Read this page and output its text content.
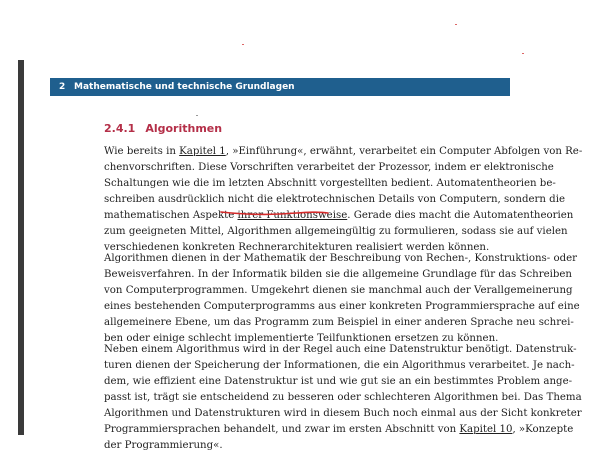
2 Mathematische und technische Grundlagen
2.4.1 Algorithmen
Wie bereits in Kapitel 1, »Einführung«, erwähnt, verarbeitet ein Computer Abfolgen von Re-
chenvorschriften. Diese Vorschriften verarbeitet der Prozessor, indem er elektronische
Schaltungen wie die im letzten Abschnitt vorgestellten bedient. Automatentheorien be-
schreiben ausdrücklich nicht die elektrotechnischen Details von Computern, sondern die
mathematischen Aspekte ihrer Funktionsweise. Gerade dies macht die Automatentheorien
zum geeigneten Mittel, Algorithmen allgemeingültig zu formulieren, sodass sie auf vielen
verschiedenen konkreten Rechnerarchitekturen realisiert werden können.
Algorithmen dienen in der Mathematik der Beschreibung von Rechen-, Konstruktions- oder
Beweisverfahren. In der Informatik bilden sie die allgemeine Grundlage für das Schreiben
von Computerprogrammen. Umgekehrt dienen sie manchmal auch der Verallgemeinerung
eines bestehenden Computerprogramms aus einer konkreten Programmiersprache auf eine
allgemeinere Ebene, um das Programm zum Beispiel in einer anderen Sprache neu schrei-
ben oder einige schlecht implementierte Teilfunktionen ersetzen zu können.
Neben einem Algorithmus wird in der Regel auch eine Datenstruktur benötigt. Datenstruk-
turen dienen der Speicherung der Informationen, die ein Algorithmus verarbeitet. Je nach-
dem, wie effizient eine Datenstruktur ist und wie gut sie an ein bestimmtes Problem ange-
passt ist, trägt sie entscheidend zu besseren oder schlechteren Algorithmen bei. Das Thema
Algorithmen und Datenstrukturen wird in diesem Buch noch einmal aus der Sicht konkreter
Programmiersprachen behandelt, und zwar im ersten Abschnitt von Kapitel 10, »Konzepte
der Programmierung«.
